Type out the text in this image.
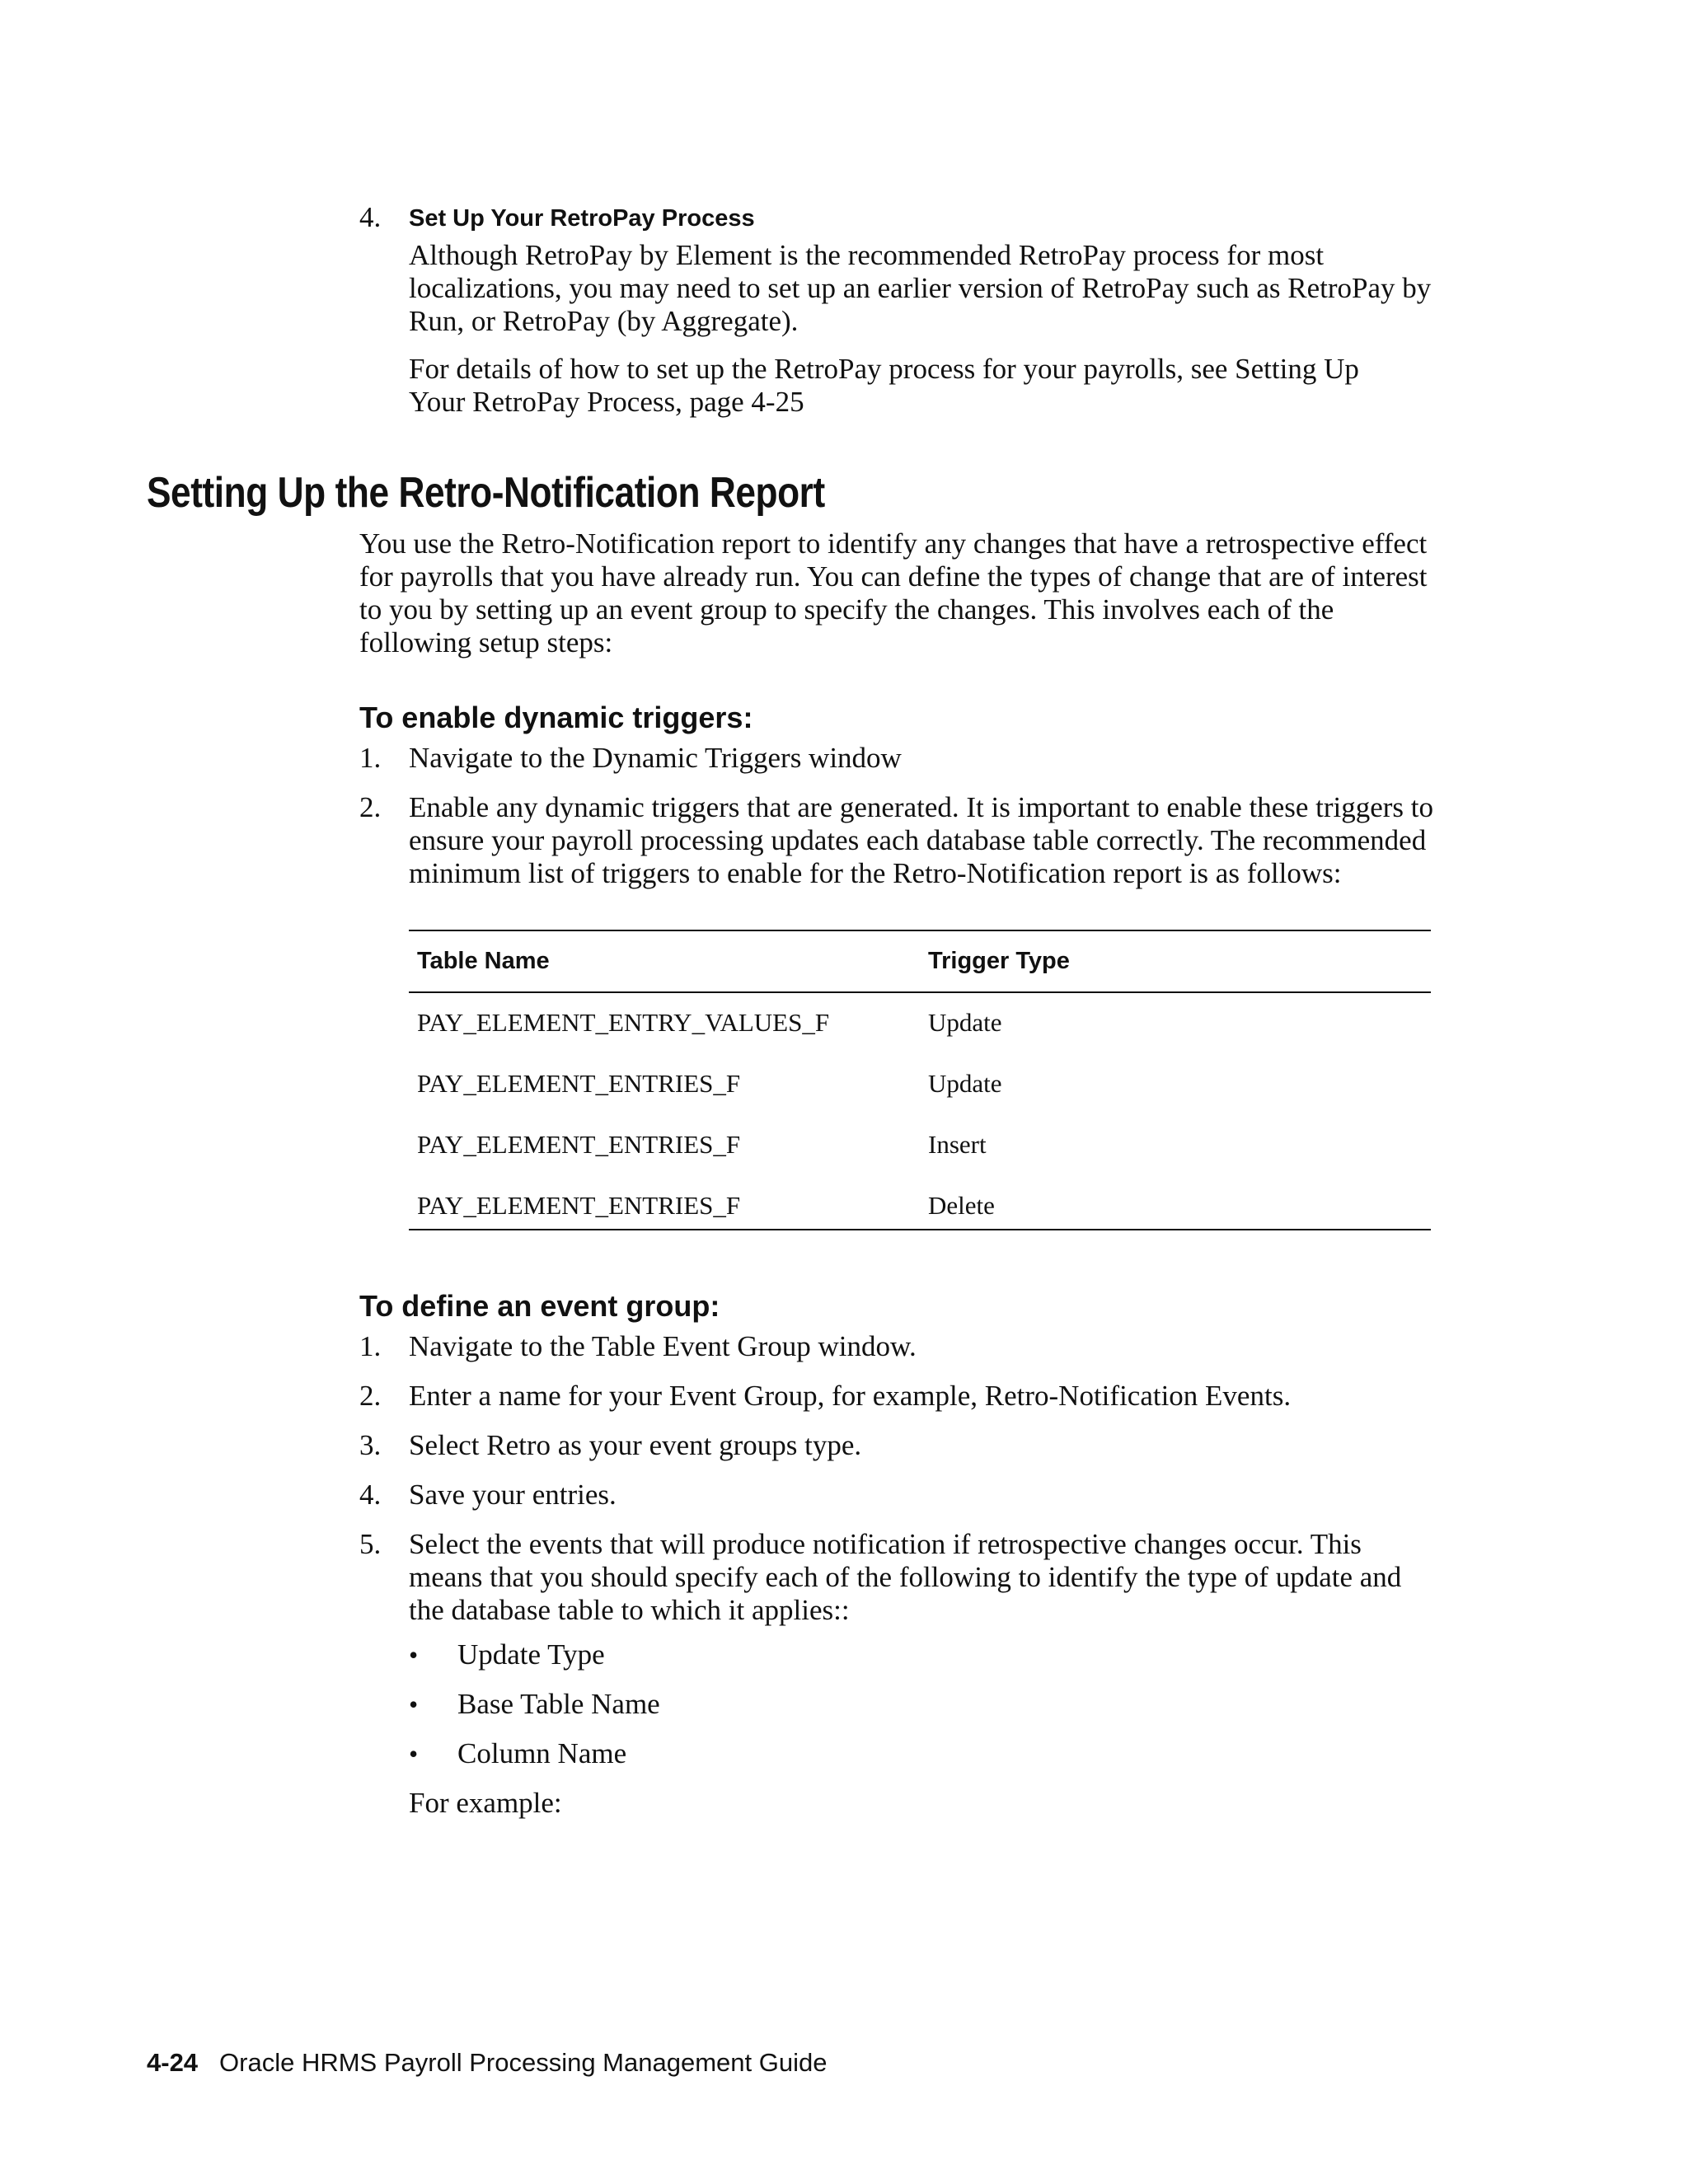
4. Set Up Your RetroPay Process
Although RetroPay by Element is the recommended RetroPay process for most localizations, you may need to set up an earlier version of RetroPay such as RetroPay by Run, or RetroPay (by Aggregate).
For details of how to set up the RetroPay process for your payrolls, see Setting Up Your RetroPay Process, page 4-25
Setting Up the Retro-Notification Report
You use the Retro-Notification report to identify any changes that have a retrospective effect for payrolls that you have already run. You can define the types of change that are of interest to you by setting up an event group to specify the changes. This involves each of the following setup steps:
To enable dynamic triggers:
1. Navigate to the Dynamic Triggers window
2. Enable any dynamic triggers that are generated. It is important to enable these triggers to ensure your payroll processing updates each database table correctly. The recommended minimum list of triggers to enable for the Retro-Notification report is as follows:
Table Name	Trigger Type
PAY_ELEMENT_ENTRY_VALUES_F	Update
PAY_ELEMENT_ENTRIES_F	Update
PAY_ELEMENT_ENTRIES_F	Insert
PAY_ELEMENT_ENTRIES_F	Delete
To define an event group:
1. Navigate to the Table Event Group window.
2. Enter a name for your Event Group, for example, Retro-Notification Events.
3. Select Retro as your event groups type.
4. Save your entries.
5. Select the events that will produce notification if retrospective changes occur. This means that you should specify each of the following to identify the type of update and the database table to which it applies::
• Update Type
• Base Table Name
• Column Name
For example:
4-24 Oracle HRMS Payroll Processing Management Guide
